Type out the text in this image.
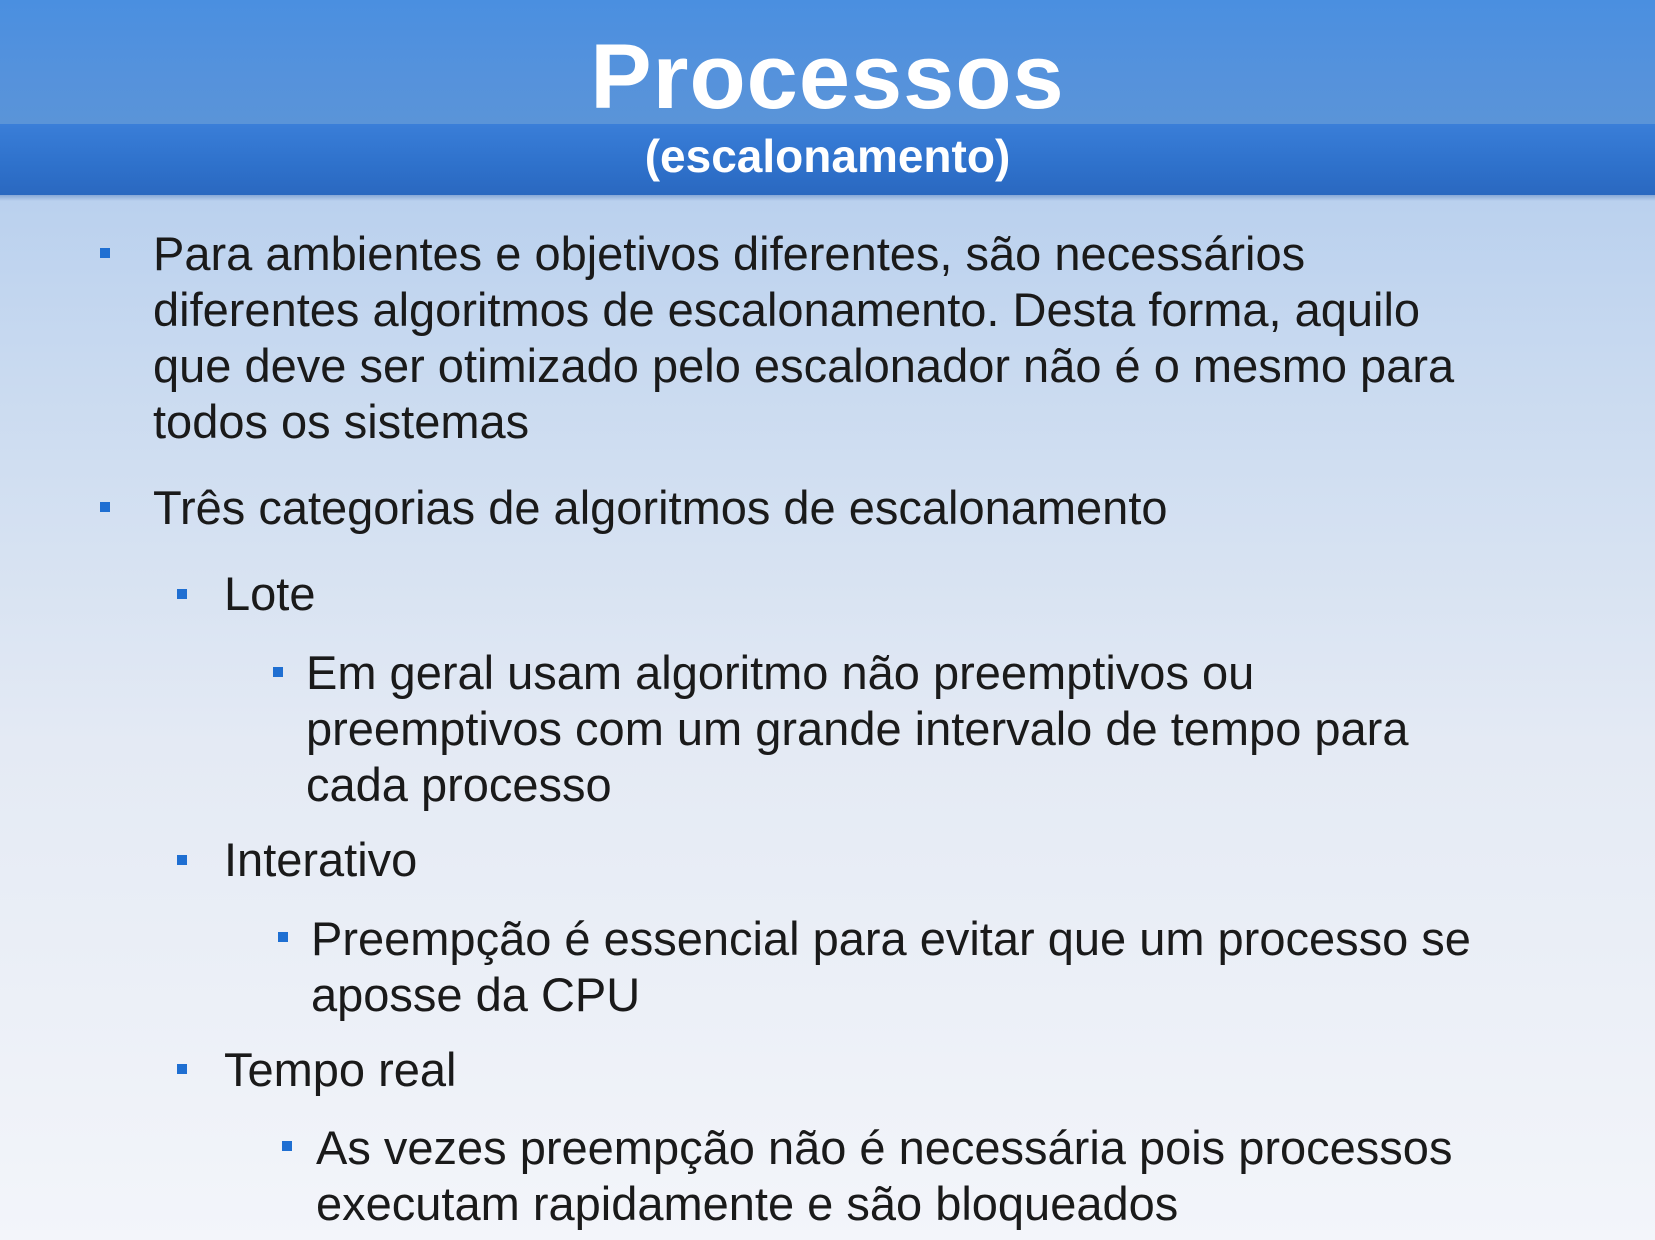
Processos
(escalonamento)
Para ambientes e objetivos diferentes, são necessários
diferentes algoritmos de escalonamento. Desta forma, aquilo
que deve ser otimizado pelo escalonador não é o mesmo para
todos os sistemas
Três categorias de algoritmos de escalonamento
Lote
Em geral usam algoritmo não preemptivos ou
preemptivos com um grande intervalo de tempo para
cada processo
Interativo
Preempção é essencial para evitar que um processo se
aposse da CPU
Tempo real
As vezes preempção não é necessária pois processos
executam rapidamente e são bloqueados
